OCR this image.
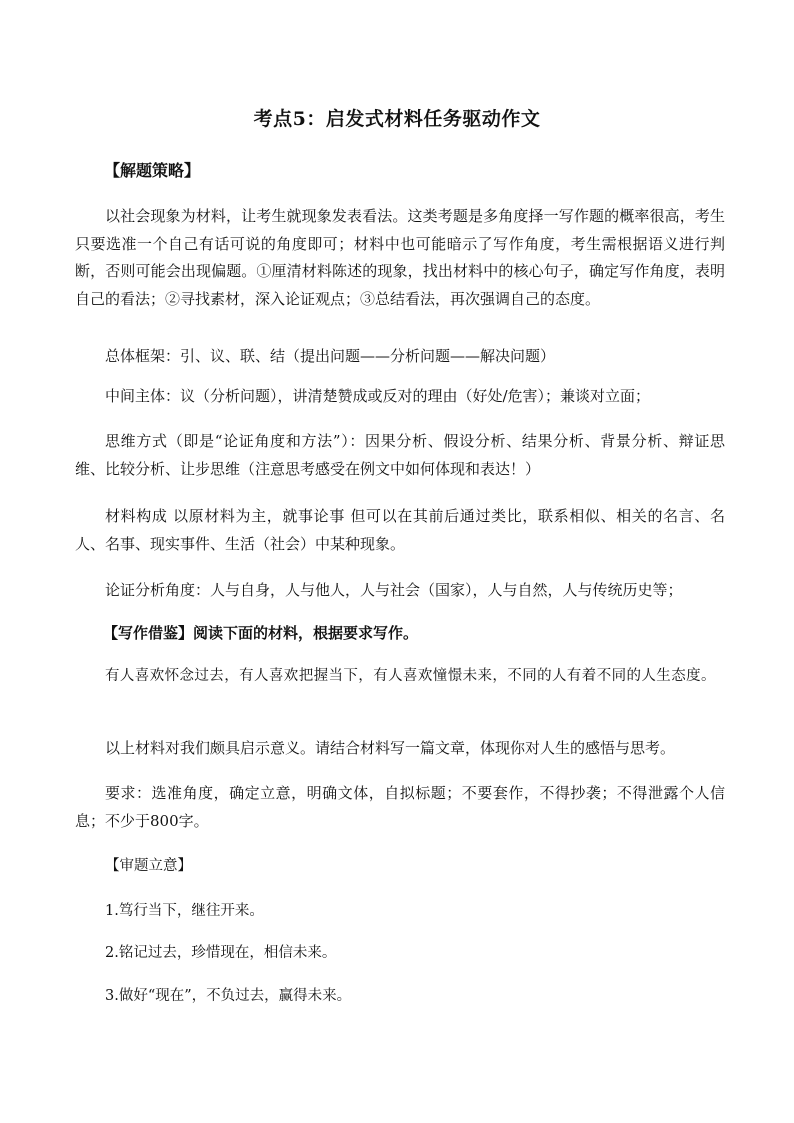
考点5：启发式材料任务驱动作文
【解题策略】
以社会现象为材料，让考生就现象发表看法。这类考题是多角度择一写作题的概率很高，考生只要选准一个自己有话可说的角度即可；材料中也可能暗示了写作角度，考生需根据语义进行判断，否则可能会出现偏题。①厘清材料陈述的现象，找出材料中的核心句子，确定写作角度，表明自己的看法；②寻找素材，深入论证观点；③总结看法，再次强调自己的态度。
总体框架：引、议、联、结（提出问题——分析问题——解决问题）
中间主体：议（分析问题），讲清楚赞成或反对的理由（好处/危害）；兼谈对立面；
思维方式（即是“论证角度和方法”）：因果分析、假设分析、结果分析、背景分析、辩证思维、比较分析、让步思维（注意思考感受在例文中如何体现和表达！）
材料构成 以原材料为主，就事论事 但可以在其前后通过类比，联系相似、相关的名言、名人、名事、现实事件、生活（社会）中某种现象。
论证分析角度：人与自身，人与他人，人与社会（国家），人与自然，人与传统历史等；
【写作借鉴】阅读下面的材料，根据要求写作。
有人喜欢怀念过去，有人喜欢把握当下，有人喜欢憧憬未来，不同的人有着不同的人生态度。
以上材料对我们颇具启示意义。请结合材料写一篇文章，体现你对人生的感悟与思考。
要求：选准角度，确定立意，明确文体，自拟标题；不要套作，不得抄袭；不得泄露个人信息；不少于800字。
【审题立意】
1.笃行当下，继往开来。
2.铭记过去，珍惜现在，相信未来。
3.做好“现在”，不负过去，赢得未来。
